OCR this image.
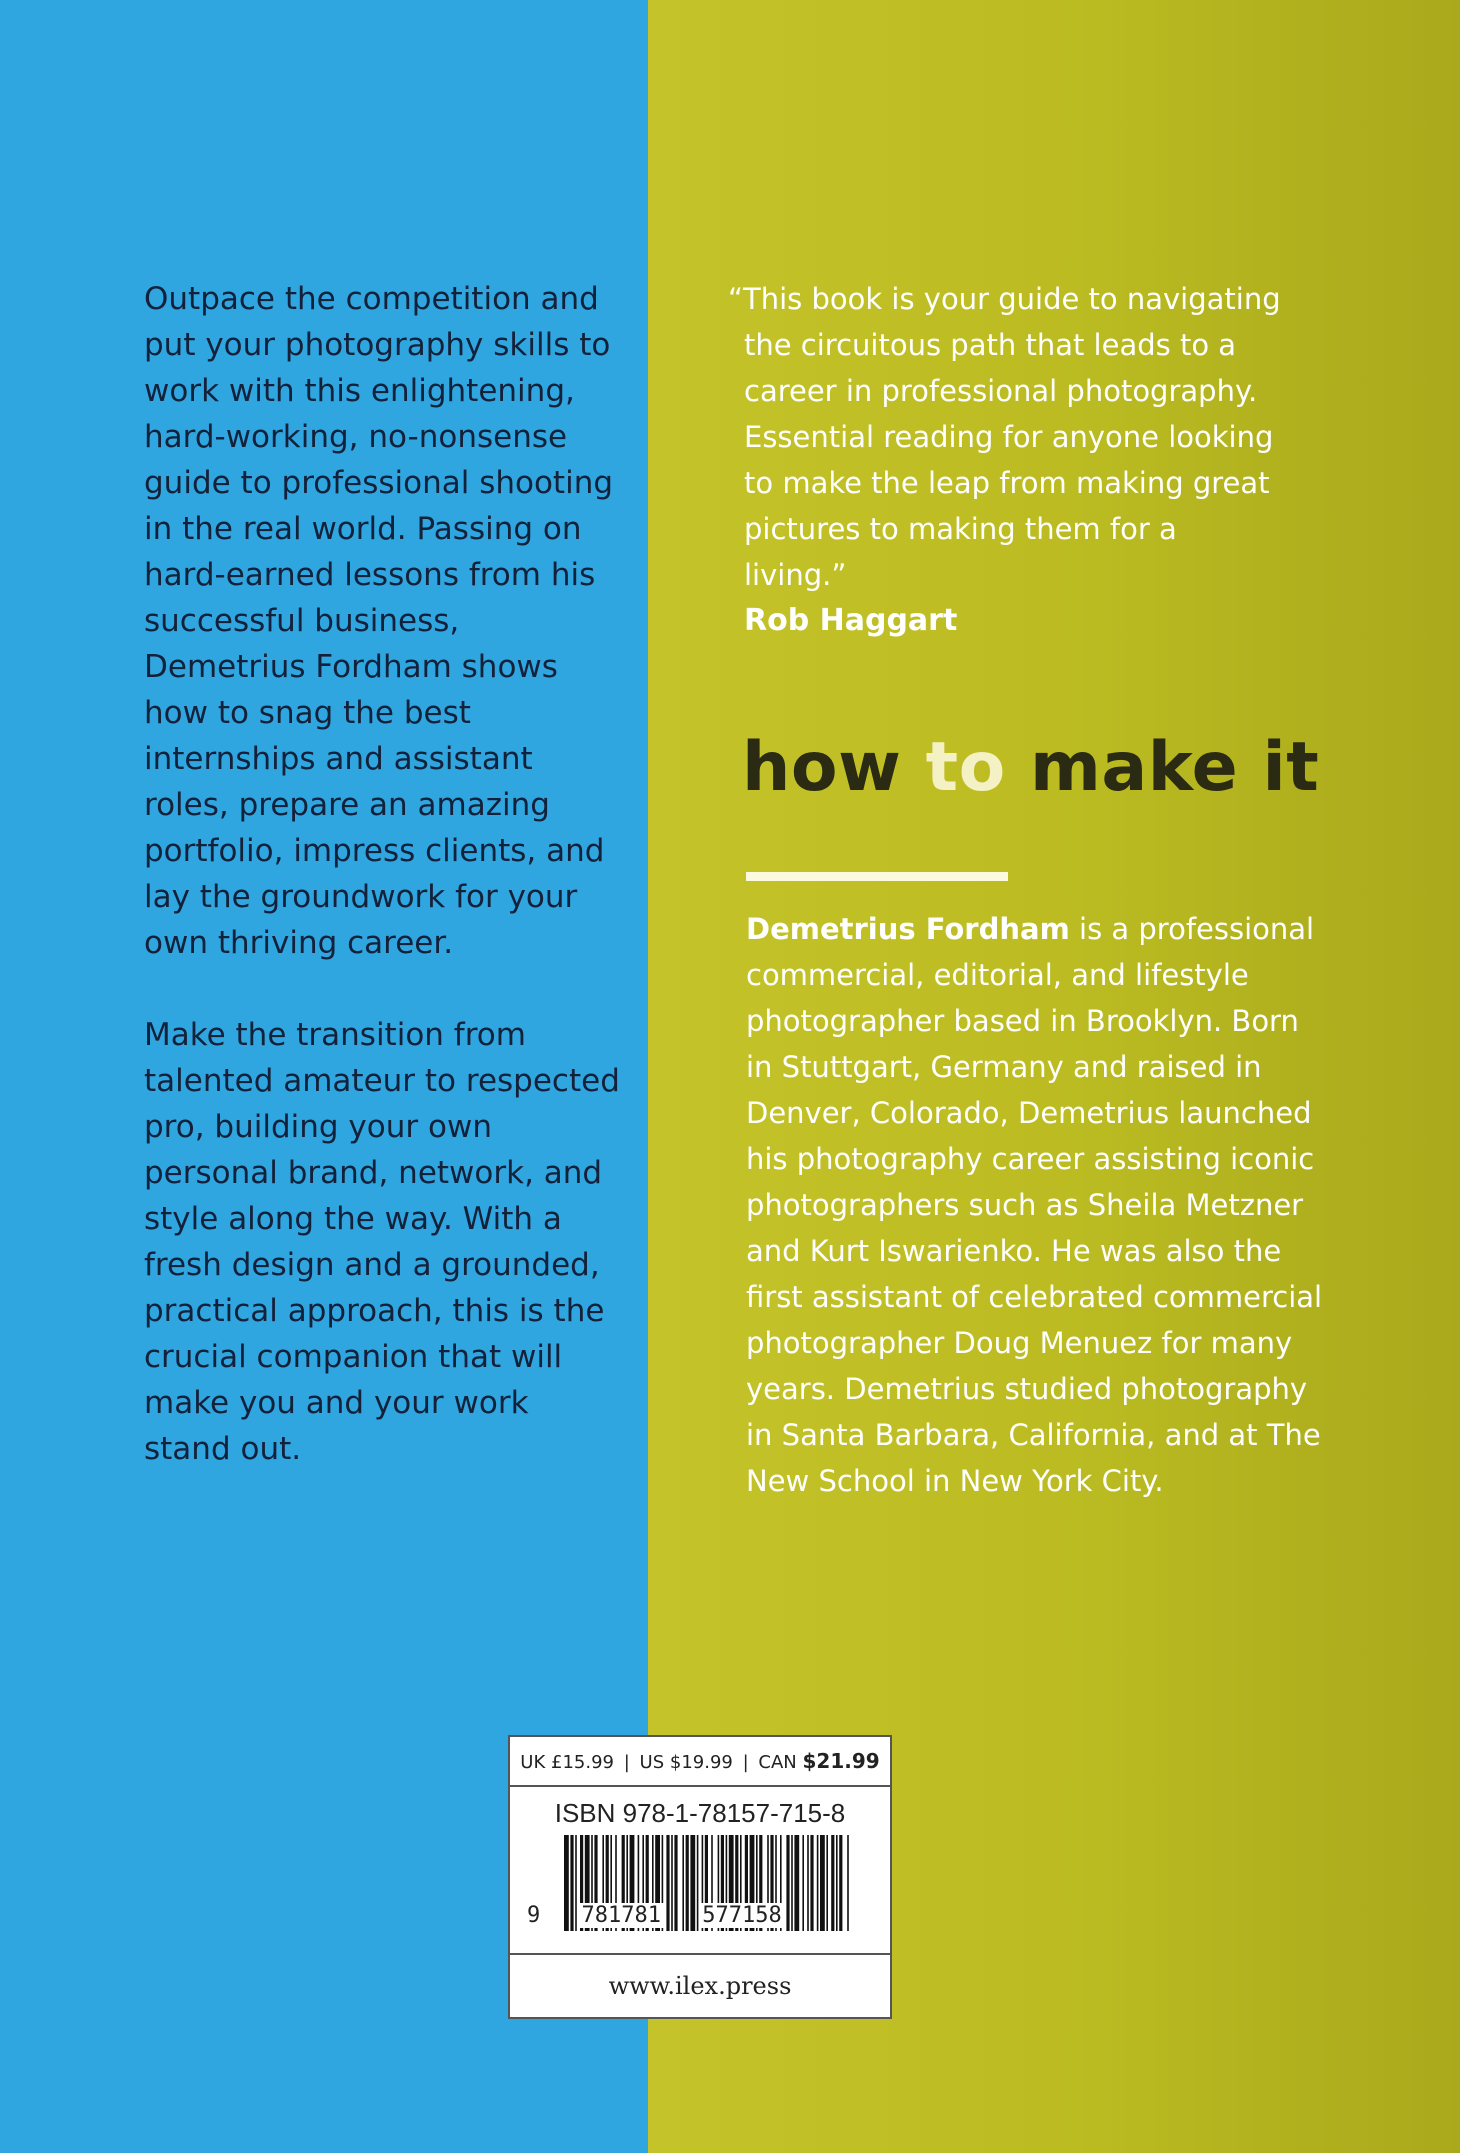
Outpace the competition and put your photography skills to work with this enlightening, hard-working, no-nonsense guide to professional shooting in the real world. Passing on hard-earned lessons from his successful business, Demetrius Fordham shows how to snag the best internships and assistant roles, prepare an amazing portfolio, impress clients, and lay the groundwork for your own thriving career.

Make the transition from talented amateur to respected pro, building your own personal brand, network, and style along the way. With a fresh design and a grounded, practical approach, this is the crucial companion that will make you and your work stand out.

“This book is your guide to navigating the circuitous path that leads to a career in professional photography. Essential reading for anyone looking to make the leap from making great pictures to making them for a living.”
Rob Haggart
how to make it

Demetrius Fordham is a professional commercial, editorial, and lifestyle photographer based in Brooklyn. Born in Stuttgart, Germany and raised in Denver, Colorado, Demetrius launched his photography career assisting iconic photographers such as Sheila Metzner and Kurt Iswarienko. He was also the first assistant of celebrated commercial photographer Doug Menuez for many years. Demetrius studied photography in Santa Barbara, California, and at The New School in New York City.

UK £15.99 | US $19.99 | CAN $21.99
ISBN 978-1-78157-715-8
9 781781 577158
www.ilex.press
